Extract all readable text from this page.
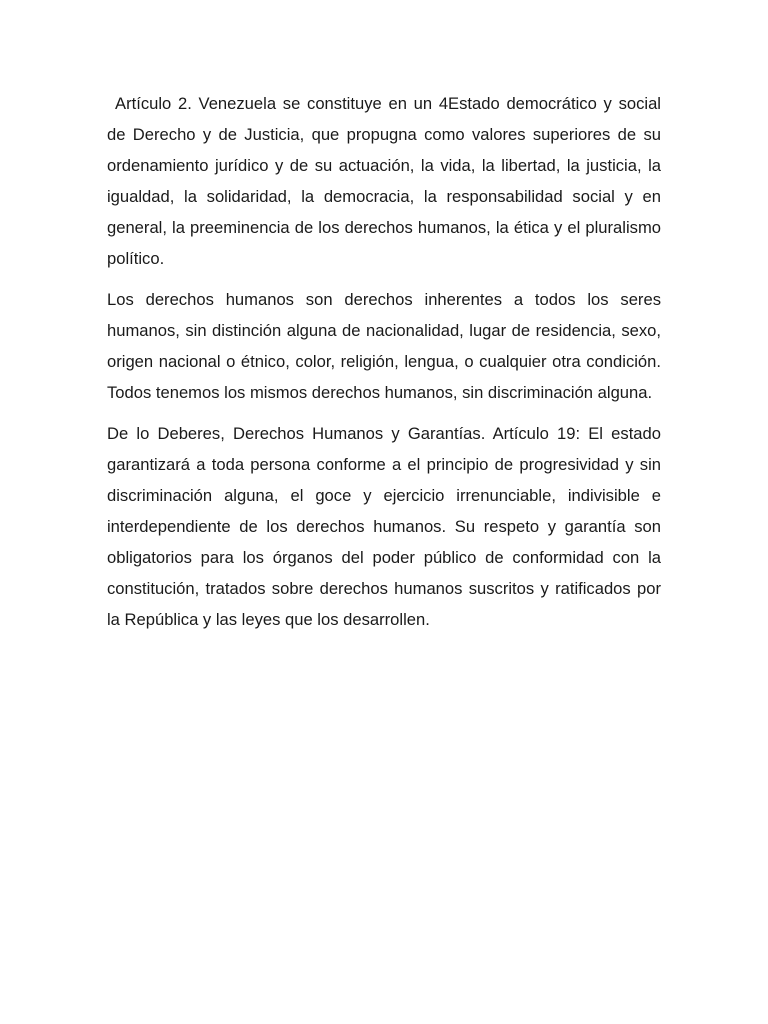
Artículo 2. Venezuela se constituye en un 4Estado democrático y social de Derecho y de Justicia, que propugna como valores superiores de su ordenamiento jurídico y de su actuación, la vida, la libertad, la justicia, la igualdad, la solidaridad, la democracia, la responsabilidad social y en general, la preeminencia de los derechos humanos, la ética y el pluralismo político.

Los derechos humanos son derechos inherentes a todos los seres humanos, sin distinción alguna de nacionalidad, lugar de residencia, sexo, origen nacional o étnico, color, religión, lengua, o cualquier otra condición. Todos tenemos los mismos derechos humanos, sin discriminación alguna.

De lo Deberes, Derechos Humanos y Garantías. Artículo 19: El estado garantizará a toda persona conforme a el principio de progresividad y sin discriminación alguna, el goce y ejercicio irrenunciable, indivisible e interdependiente de los derechos humanos. Su respeto y garantía son obligatorios para los órganos del poder público de conformidad con la constitución, tratados sobre derechos humanos suscritos y ratificados por la República y las leyes que los desarrollen.
